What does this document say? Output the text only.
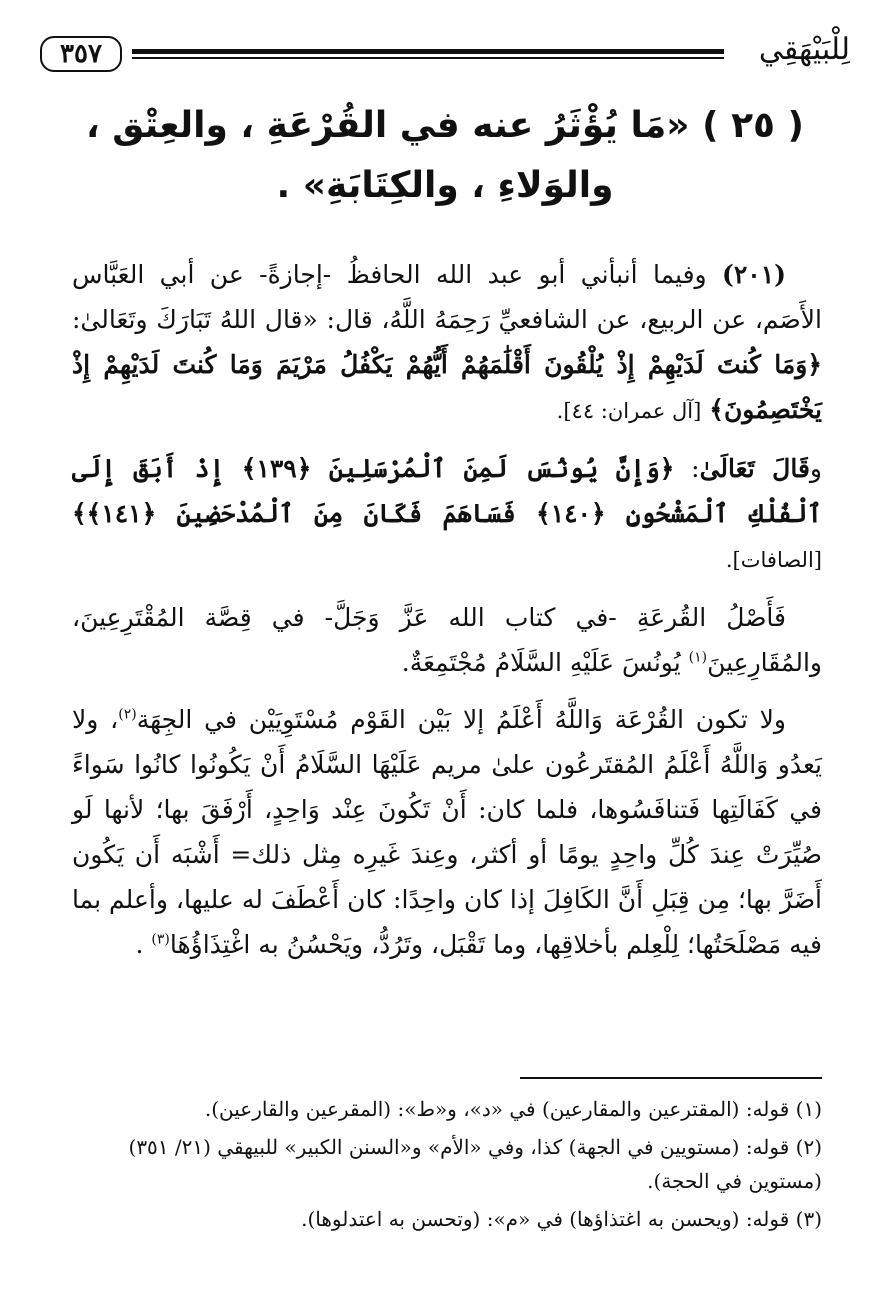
٣٥٧	لِلْبَيْهَقِي
( ٢٥ ) «مَا يُؤْثَرُ عنه في القُرْعَةِ ، والعِتْق ، والوَلاءِ ، والكِتَابَةِ» .

(٢٠١) وفيما أنبأني أبو عبد الله الحافظُ -إجازةً- عن أبي العَبَّاس الأَصَم، عن الربيع، عن الشافعيِّ رَحِمَهُ اللَّهُ، قال: «قال اللهُ تَبَارَكَ وتَعَالىٰ: ﴿وَمَا كُنتَ لَدَيْهِمْ إِذْ يُلْقُونَ أَقْلَٰمَهُمْ أَيُّهُمْ يَكْفُلُ مَرْيَمَ وَمَا كُنتَ لَدَيْهِمْ إِذْ يَخْتَصِمُونَ﴾ [آل عمران: ٤٤].

وقَالَ تَعَالَىٰ: ﴿وَإِنَّ يُونُسَ لَمِنَ ٱلْمُرْسَلِينَ ﴿١٣٩﴾ إِذْ أَبَقَ إِلَى ٱلْفُلْكِ ٱلْمَشْحُونِ ﴿١٤٠﴾ فَسَاهَمَ فَكَانَ مِنَ ٱلْمُدْحَضِينَ ﴿١٤١﴾﴾ [الصافات].

فَأَصْلُ القُرعَةِ -في كتاب الله عَزَّ وَجَلَّ- في قِصَّة المُقْتَرِعِينَ، والمُقَارِعِينَ$^{(١)}$ يُونُسَ عَلَيْهِ السَّلَامُ مُجْتَمِعَةٌ.

ولا تكون القُرْعَة وَاللَّهُ أَعْلَمُ إلا بَيْن القَوْم مُسْتَوِيَيْن في الجِهَة$^{(٢)}$، ولا يَعدُو وَاللَّهُ أَعْلَمُ المُقتَرعُون علىٰ مريم عَلَيْهَا السَّلَامُ أَنْ يَكُونُوا كانُوا سَواءً في كَفَالَتِها فَتنافَسُوها، فلما كان: أَنْ تَكُونَ عِنْد وَاحِدٍ، أَرْفَقَ بها؛ لأنها لَو صُيِّرَتْ عِندَ كُلِّ واحِدٍ يومًا أو أكثر، وعِندَ غَيرِه مِثل ذلك= أَشْبَه أَن يَكُون أَضَرَّ بها؛ مِن قِبَلِ أَنَّ الكَافِلَ إذا كان واحِدًا: كان أَعْطَفَ له عليها، وأعلم بما فيه مَصْلَحَتُها؛ لِلْعِلم بأخلاقِها، وما تَقْبَل، وتَرُدُّ، ويَحْسُنُ به اغْتِذَاؤُهَا$^{(٣)}$ .

(١) قوله: (المقترعين والمقارعين) في «د»، و«ط»: (المقرعين والقارعين).

(٢) قوله: (مستويين في الجهة) كذا، وفي «الأم» و«السنن الكبير» للبيهقي (٢١/ ٣٥١) (مستوين في الحجة).

(٣) قوله: (ويحسن به اغتذاؤها) في «م»: (وتحسن به اعتدلوها).
